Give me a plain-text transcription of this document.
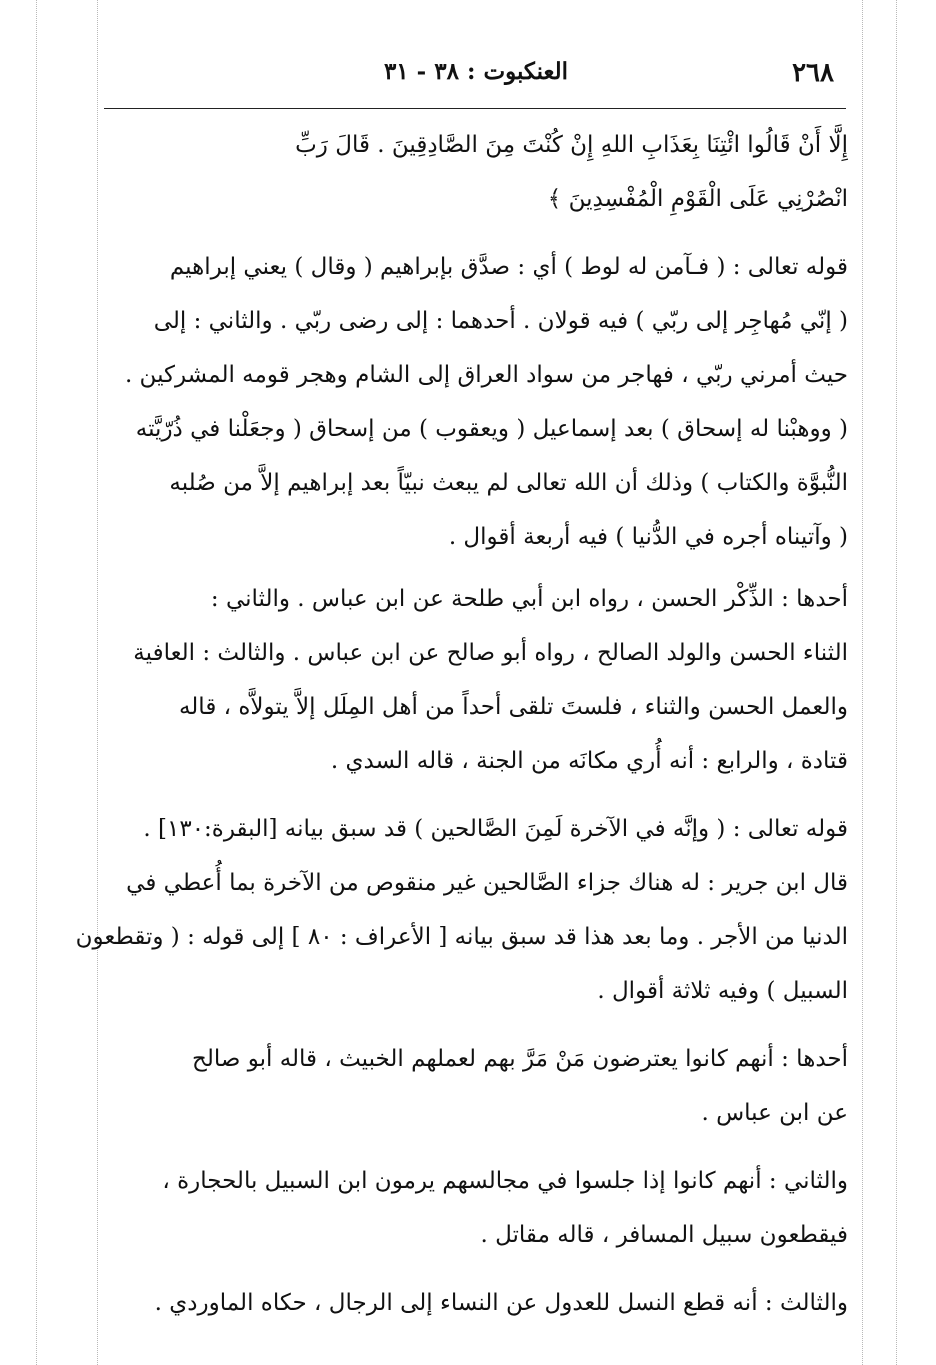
٢٦٨
العنكبوت : ٣٨ - ٣١
إِلَّا أَنْ قَالُوا ائْتِنَا بِعَذَابِ اللهِ إِنْ كُنْتَ مِنَ الصَّادِقِينَ . قَالَ رَبِّ
انْصُرْنِي عَلَى الْقَوْمِ الْمُفْسِدِينَ ﴾
قوله تعالى : ( فـآمن له لوط ) أي : صدَّق بإبراهيم ( وقال ) يعني إبراهيم
( إنّي مُهاجِر إلى ربّي ) فيه قولان . أحدهما : إلى رضى ربّي . والثاني : إلى
حيث أمرني ربّي ، فهاجر من سواد العراق إلى الشام وهجر قومه المشركين .
( ووهبْنا له إسحاق ) بعد إسماعيل ( ويعقوب ) من إسحاق ( وجعَلْنا في ذُرّيَّته
النُّبوَّة والكتاب ) وذلك أن الله تعالى لم يبعث نبيّاً بعد إبراهيم إلاَّ من صُلبه
( وآتيناه أجره في الدُّنيا ) فيه أربعة أقوال .
أحدها : الذِّكْر الحسن ، رواه ابن أبي طلحة عن ابن عباس . والثاني :
الثناء الحسن والولد الصالح ، رواه أبو صالح عن ابن عباس . والثالث : العافية
والعمل الحسن والثناء ، فلستَ تلقى أحداً من أهل المِلَل إلاَّ يتولاَّه ، قاله
قتادة ، والرابع : أنه أُري مكانَه من الجنة ، قاله السدي .
قوله تعالى : ( وإنَّه في الآخرة لَمِنَ الصَّالحين ) قد سبق بيانه [البقرة:١٣٠] .
قال ابن جرير : له هناك جزاء الصَّالحين غير منقوص من الآخرة بما أُعطي في
الدنيا من الأجر . وما بعد هذا قد سبق بيانه [ الأعراف : ٨٠ ] إلى قوله : ( وتقطعون
السبيل ) وفيه ثلاثة أقوال .
أحدها : أنهم كانوا يعترضون مَنْ مَرَّ بهم لعملهم الخبيث ، قاله أبو صالح
عن ابن عباس .
والثاني : أنهم كانوا إذا جلسوا في مجالسهم يرمون ابن السبيل بالحجارة ،
فيقطعون سبيل المسافر ، قاله مقاتل .
والثالث : أنه قطع النسل للعدول عن النساء إلى الرجال ، حكاه الماوردي .
